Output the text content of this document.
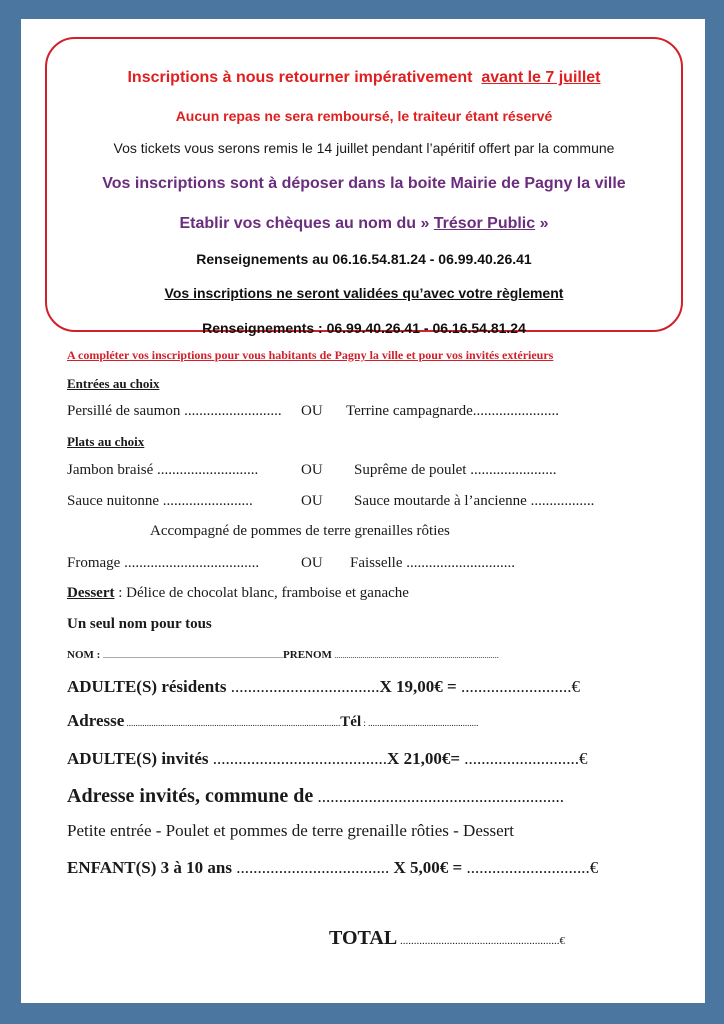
Inscriptions à nous retourner impérativement avant le 7 juillet
Aucun repas ne sera remboursé, le traiteur étant réservé
Vos tickets vous serons remis le 14 juillet pendant l’apéritif offert par la commune
Vos inscriptions sont à déposer dans la boite Mairie de Pagny la ville
Etablir vos chèques au nom du » Trésor Public »
Renseignements au 06.16.54.81.24 - 06.99.40.26.41
Vos inscriptions ne seront validées qu’avec votre règlement
Renseignements : 06.99.40.26.41 - 06.16.54.81.24
A compléter vos inscriptions pour vous habitants de Pagny la ville et pour vos invités extérieurs
Entrées au choix
Persillé de saumon .......................... OU Terrine campagnarde.......................
Plats au choix
Jambon braisé ...........................	OU Suprême de poulet .......................
Sauce nuitonne ........................	OU Sauce moutarde à l’ancienne .................
Accompagné de pommes de terre grenailles rôties
Fromage ....................................	OU Faisselle .............................
Dessert : Délice de chocolat blanc, framboise et ganache
Un seul nom pour tous
NOM : ..........................................................................................PRENOM ..................................................................................
ADULTE(S) résidents ...................................X 19,00€ = ..........................€
Adresse ...............................................................................................Tél : .................................................
ADULTE(S) invités .........................................X 21,00€= ...........................€
Adresse invités, commune de ..........................................................
Petite entrée - Poulet et pommes de terre grenaille rôties - Dessert
ENFANT(S) 3 à 10 ans .................................... X 5,00€ = .............................€
TOTAL ..........................................................€
